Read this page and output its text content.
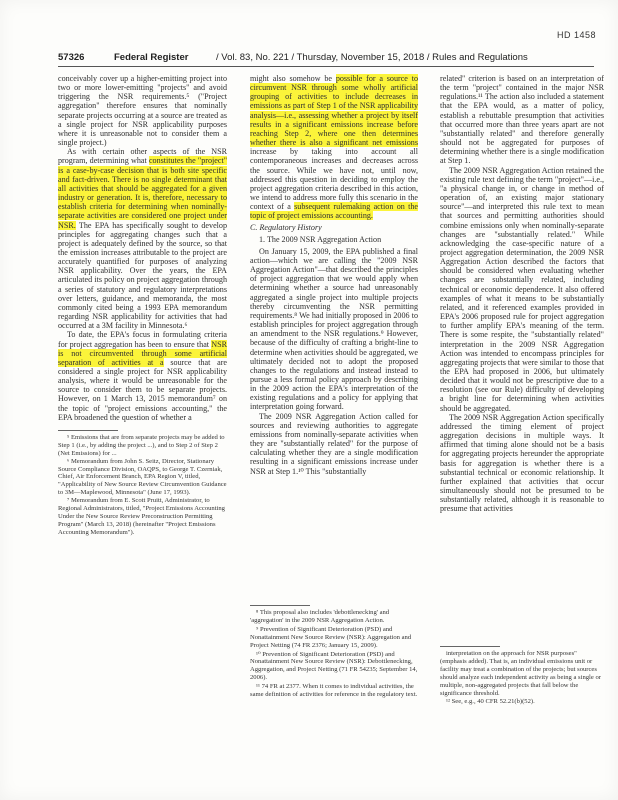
HD 1458
57326	Federal Register	/ Vol. 83, No. 221 / Thursday, November 15, 2018 / Rules and Regulations

conceivably cover up a higher-emitting project into two or more lower-emitting "projects" and avoid triggering the NSR requirements.⁵ ("Project aggregation" therefore ensures that nominally separate projects occurring at a source are treated as a single project for NSR applicability purposes where it is unreasonable not to consider them a single project.)

As with certain other aspects of the NSR program, determining what constitutes the "project" is a case-by-case decision that is both site specific and fact-driven. There is no single determinant that all activities that should be aggregated for a given industry or generation. It is, therefore, necessary to establish criteria for determining when nominally-separate activities are considered one project under NSR. The EPA has specifically sought to develop principles for aggregating changes such that a project is adequately defined by the source, so that the emission increases attributable to the project are accurately quantified for purposes of analyzing NSR applicability. Over the years, the EPA articulated its policy on project aggregation through a series of statutory and regulatory interpretations over letters, guidance, and memoranda, the most commonly cited being a 1993 EPA memorandum regarding NSR applicability for activities that had occurred at a 3M facility in Minnesota.⁶

To date, the EPA's focus in formulating criteria for project aggregation has been to ensure that NSR is not circumvented through some artificial separation of activities at a source that are considered a single project for NSR applicability analysis, where it would be unreasonable for the source to consider them to be separate projects. However, on 1 March 13, 2015 memorandum⁷ on the topic of "project emissions accounting," the EPA broadened the question of whether a

⁵ Emissions that are from separate projects may be added to Step 1 (i.e., by adding the project ...), and to Step 2 of Step 2 (Net Emissions) for ...

⁶ Memorandum from John S. Seitz, Director, Stationary Source Compliance Division, OAQPS, to George T. Czerniak, Chief, Air Enforcement Branch, EPA Region V, titled, "Applicability of New Source Review Circumvention Guidance to 3M—Maplewood, Minnesota" (June 17, 1993).

⁷ Memorandum from E. Scott Pruitt, Administrator, to Regional Administrators, titled, "Project Emissions Accounting Under the New Source Review Preconstruction Permitting Program" (March 13, 2018) (hereinafter "Project Emissions Accounting Memorandum").

might also somehow be possible for a source to circumvent NSR through some wholly artificial grouping of activities to include decreases in emissions as part of Step 1 of the NSR applicability analysis—i.e., assessing whether a project by itself results in a significant emissions increase before reaching Step 2, where one then determines whether there is also a significant net emissions increase by taking into account all contemporaneous increases and decreases across the source. While we have not, until now, addressed this question in deciding to employ the project aggregation criteria described in this action, we intend to address more fully this scenario in the context of a subsequent rulemaking action on the topic of project emissions accounting.

C. Regulatory History

1. The 2009 NSR Aggregation Action

On January 15, 2009, the EPA published a final action—which we are calling the "2009 NSR Aggregation Action"—that described the principles of project aggregation that we would apply when determining whether a source had unreasonably aggregated a single project into multiple projects thereby circumventing the NSR permitting requirements.⁸ We had initially proposed in 2006 to establish principles for project aggregation through an amendment to the NSR regulations.⁹ However, because of the difficulty of crafting a bright-line to determine when activities should be aggregated, we ultimately decided not to adopt the proposed changes to the regulations and instead instead to pursue a less formal policy approach by describing in the 2009 action the EPA's interpretation of the existing regulations and a policy for applying that interpretation going forward.

The 2009 NSR Aggregation Action called for sources and reviewing authorities to aggregate emissions from nominally-separate activities when they are "substantially related" for the purpose of calculating whether they are a single modification resulting in a significant emissions increase under NSR at Step 1.¹⁰ This "substantially

⁸ This proposal also includes 'debottlenecking' and 'aggregation' in the 2009 NSR Aggregation Action.

⁹ Prevention of Significant Deterioration (PSD) and Nonattainment New Source Review (NSR): Aggregation and Project Netting (74 FR 2376; January 15, 2009).

¹⁰ Prevention of Significant Deterioration (PSD) and Nonattainment New Source Review (NSR): Debottlenecking, Aggregation, and Project Netting (71 FR 54235; September 14, 2006).

¹¹ 74 FR at 2377. When it comes to individual activities, the same definition of activities for reference in the regulatory text.

related" criterion is based on an interpretation of the term "project" contained in the major NSR regulations.¹¹ The action also included a statement that the EPA would, as a matter of policy, establish a rebuttable presumption that activities that occurred more than three years apart are not "substantially related" and therefore generally should not be aggregated for purposes of determining whether there is a single modification at Step 1.

The 2009 NSR Aggregation Action retained the existing rule text defining the term "project"—i.e., "a physical change in, or change in method of operation of, an existing major stationary source"—and interpreted this rule text to mean that sources and permitting authorities should combine emissions only when nominally-separate changes are "substantially related." While acknowledging the case-specific nature of a project aggregation determination, the 2009 NSR Aggregation Action described the factors that should be considered when evaluating whether changes are substantially related, including technical or economic dependence. It also offered examples of what it means to be substantially related, and it referenced examples provided in EPA's 2006 proposed rule for project aggregation to further amplify EPA's meaning of the term. There is some respite, the "substantially related" interpretation in the 2009 NSR Aggregation Action was intended to encompass principles for aggregating projects that were similar to those that the EPA had proposed in 2006, but ultimately decided that it would not be prescriptive due to a resolution (see our Rule) difficulty of developing a bright line for determining when activities should be aggregated.

The 2009 NSR Aggregation Action specifically addressed the timing element of project aggregation decisions in multiple ways. It affirmed that timing alone should not be a basis for aggregating projects hereunder the appropriate basis for aggregation is whether there is a substantial technical or economic relationship. It further explained that activities that occur simultaneously should not be presumed to be substantially related, although it is reasonable to presume that activities

interpretation on the approach for NSR purposes" (emphasis added). That is, an individual emissions unit or facility may treat a combination of the projects; but sources should analyze each independent activity as being a single or multiple, non-aggregated projects that fall below the significance threshold.

¹² See, e.g., 40 CFR 52.21(b)(52).
